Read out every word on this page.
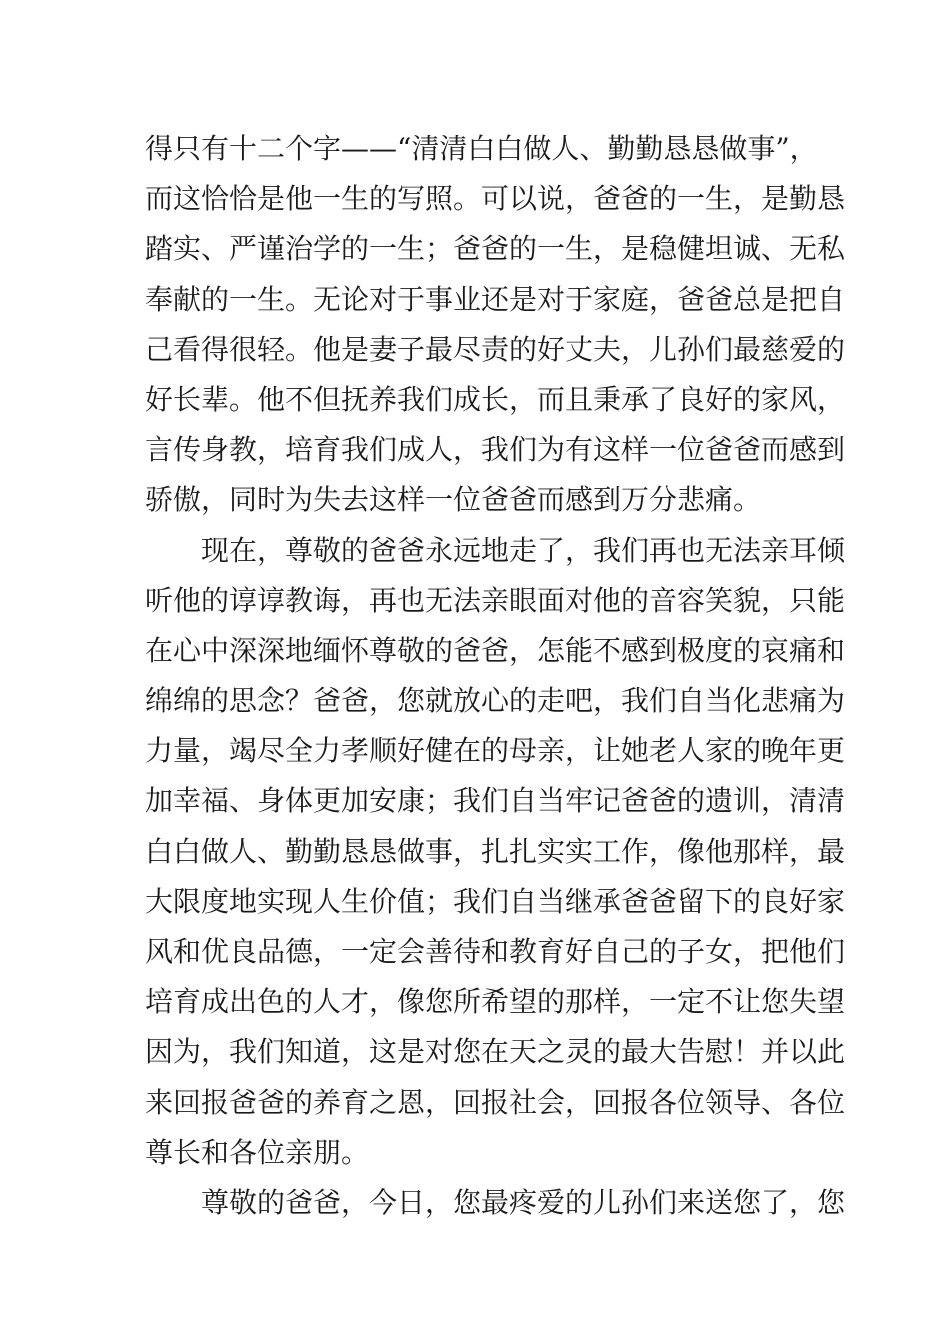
得只有十二个字——“清清白白做人、勤勤恳恳做事”，
而这恰恰是他一生的写照。可以说，爸爸的一生，是勤恳
踏实、严谨治学的一生；爸爸的一生，是稳健坦诚、无私
奉献的一生。无论对于事业还是对于家庭，爸爸总是把自
己看得很轻。他是妻子最尽责的好丈夫，儿孙们最慈爱的
好长辈。他不但抚养我们成长，而且秉承了良好的家风，
言传身教，培育我们成人，我们为有这样一位爸爸而感到
骄傲，同时为失去这样一位爸爸而感到万分悲痛。
现在，尊敬的爸爸永远地走了，我们再也无法亲耳倾
听他的谆谆教诲，再也无法亲眼面对他的音容笑貌，只能
在心中深深地缅怀尊敬的爸爸，怎能不感到极度的哀痛和
绵绵的思念？爸爸，您就放心的走吧，我们自当化悲痛为
力量，竭尽全力孝顺好健在的母亲，让她老人家的晚年更
加幸福、身体更加安康；我们自当牢记爸爸的遗训，清清
白白做人、勤勤恳恳做事，扎扎实实工作，像他那样，最
大限度地实现人生价值；我们自当继承爸爸留下的良好家
风和优良品德，一定会善待和教育好自己的子女，把他们
培育成出色的人才，像您所希望的那样，一定不让您失望
因为，我们知道，这是对您在天之灵的最大告慰！并以此
来回报爸爸的养育之恩，回报社会，回报各位领导、各位
尊长和各位亲朋。
尊敬的爸爸，今日，您最疼爱的儿孙们来送您了，您
